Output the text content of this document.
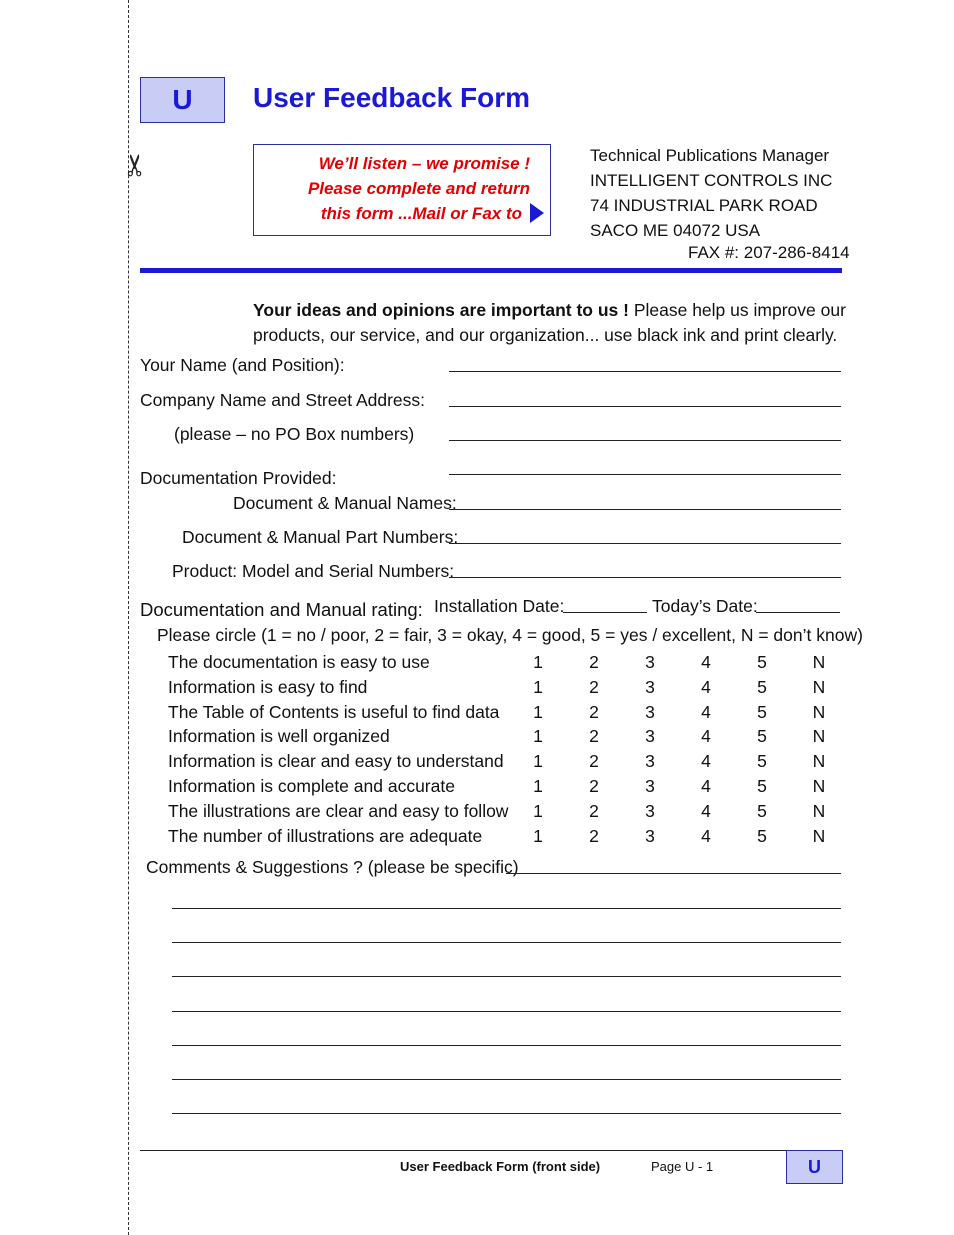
✂
U User Feedback Form
We’ll listen – we promise !
Please complete and return
this form ...Mail or Fax to
Technical Publications Manager
INTELLIGENT CONTROLS INC
74 INDUSTRIAL PARK ROAD
SACO ME 04072 USA
FAX #: 207-286-8414
Your ideas and opinions are important to us ! Please help us improve our products, our service, and our organization... use black ink and print clearly.
Your Name (and Position):
Company Name and Street Address:
(please – no PO Box numbers)
Documentation Provided:
Document & Manual Names:
Document & Manual Part Numbers:
Product: Model and Serial Numbers:
Documentation and Manual rating: Installation Date:	Today’s Date:
Please circle (1 = no / poor, 2 = fair, 3 = okay, 4 = good, 5 = yes / excellent, N = don’t know)
The documentation is easy to use	1	2	3	4	5	N
Information is easy to find	1	2	3	4	5	N
The Table of Contents is useful to find data 1	2	3	4	5	N
Information is well organized	1	2	3	4	5	N
Information is clear and easy to understand 1	2	3	4	5	N
Information is complete and accurate	1	2	3	4	5	N
The illustrations are clear and easy to follow 1	2	3	4	5	N
The number of illustrations are adequate	1	2	3	4	5	N
Comments & Suggestions ? (please be specific)
User Feedback Form (front side)	Page U - 1	U
